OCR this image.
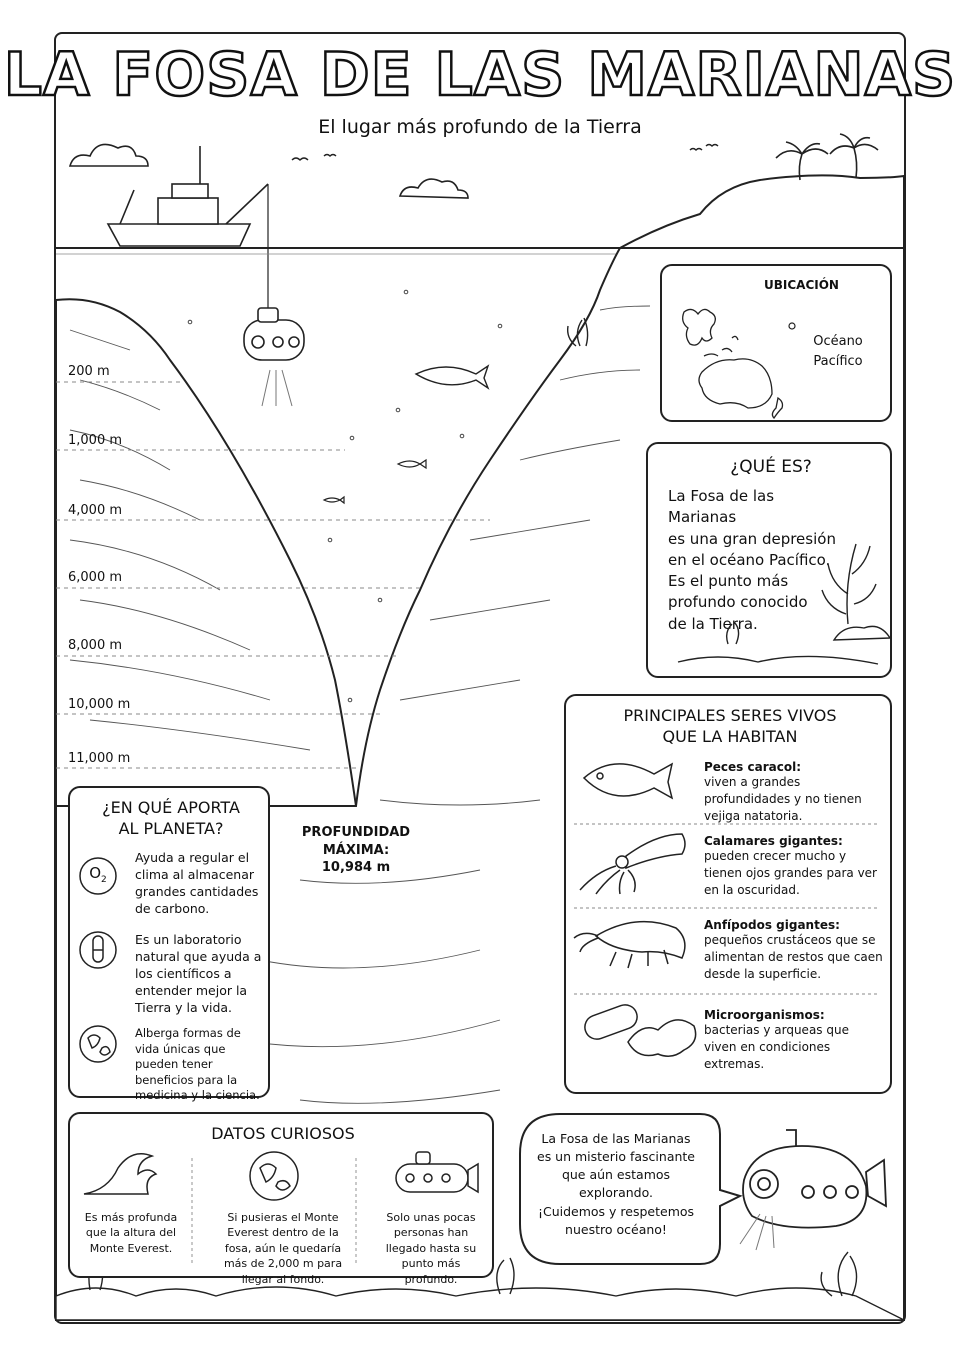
LA FOSA DE LAS MARIANAS
El lugar más profundo de la Tierra
200 m
1,000 m
4,000 m
6,000 m
8,000 m
10,000 m
11,000 m
PROFUNDIDAD
MÁXIMA:
10,984 m
UBICACIÓN
Océano
Pacífico
¿QUÉ ES?
La Fosa de las Marianas
es una gran depresión
en el océano Pacífico.
Es el punto más
profundo conocido
de la Tierra.
PRINCIPALES SERES VIVOS
QUE LA HABITAN
Peces caracol:
viven a grandes profundidades y no tienen vejiga natatoria.
Calamares gigantes:
pueden crecer mucho y tienen ojos grandes para ver en la oscuridad.
Anfípodos gigantes:
pequeños crustáceos que se alimentan de restos que caen desde la superficie.
Microorganismos:
bacterias y arqueas que viven en condiciones extremas.
¿EN QUÉ APORTA
AL PLANETA?
$O_2$
Ayuda a regular el clima al almacenar grandes cantidades de carbono.
Es un laboratorio natural que ayuda a los científicos a entender mejor la Tierra y la vida.
Alberga formas de vida únicas que pueden tener beneficios para la medicina y la ciencia.
DATOS CURIOSOS
Es más profunda que la altura del Monte Everest.
Si pusieras el Monte Everest dentro de la fosa, aún le quedaría más de 2,000 m para llegar al fondo.
Solo unas pocas personas han llegado hasta su punto más profundo.
La Fosa de las Marianas
es un misterio fascinante
que aún estamos
explorando.
¡Cuidemos y respetemos
nuestro océano!
